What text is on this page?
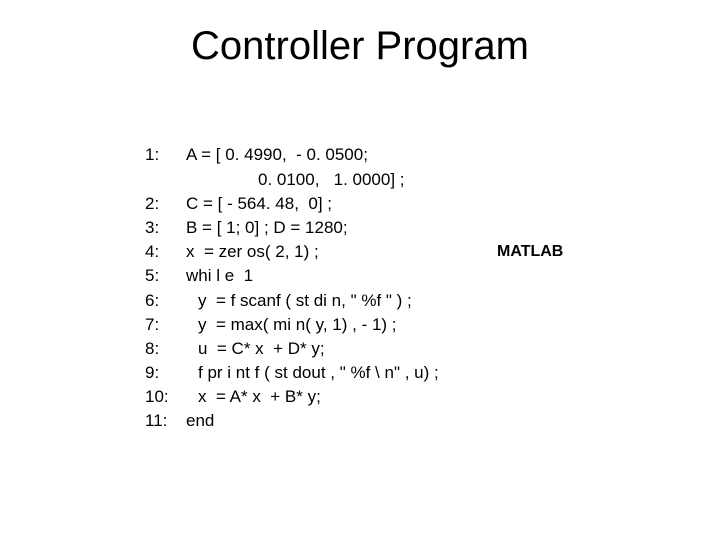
Controller Program

1:

A = [ 0. 4990,  - 0. 0500;

0. 0100,   1. 0000] ;

2:

C = [ - 564. 48,  0] ;

3:

B = [ 1; 0] ; D = 1280;

4:

x  = zer os( 2, 1) ;

5:

whi l e  1

6:

y  = f scanf ( st di n, " %f " ) ;

7:

y  = max( mi n( y, 1) , - 1) ;

8:

u  = C* x  + D* y;

9:

f pr i nt f ( st dout , " %f \ n" , u) ;

10:

x  = A* x  + B* y;

11:

end

MATLAB
